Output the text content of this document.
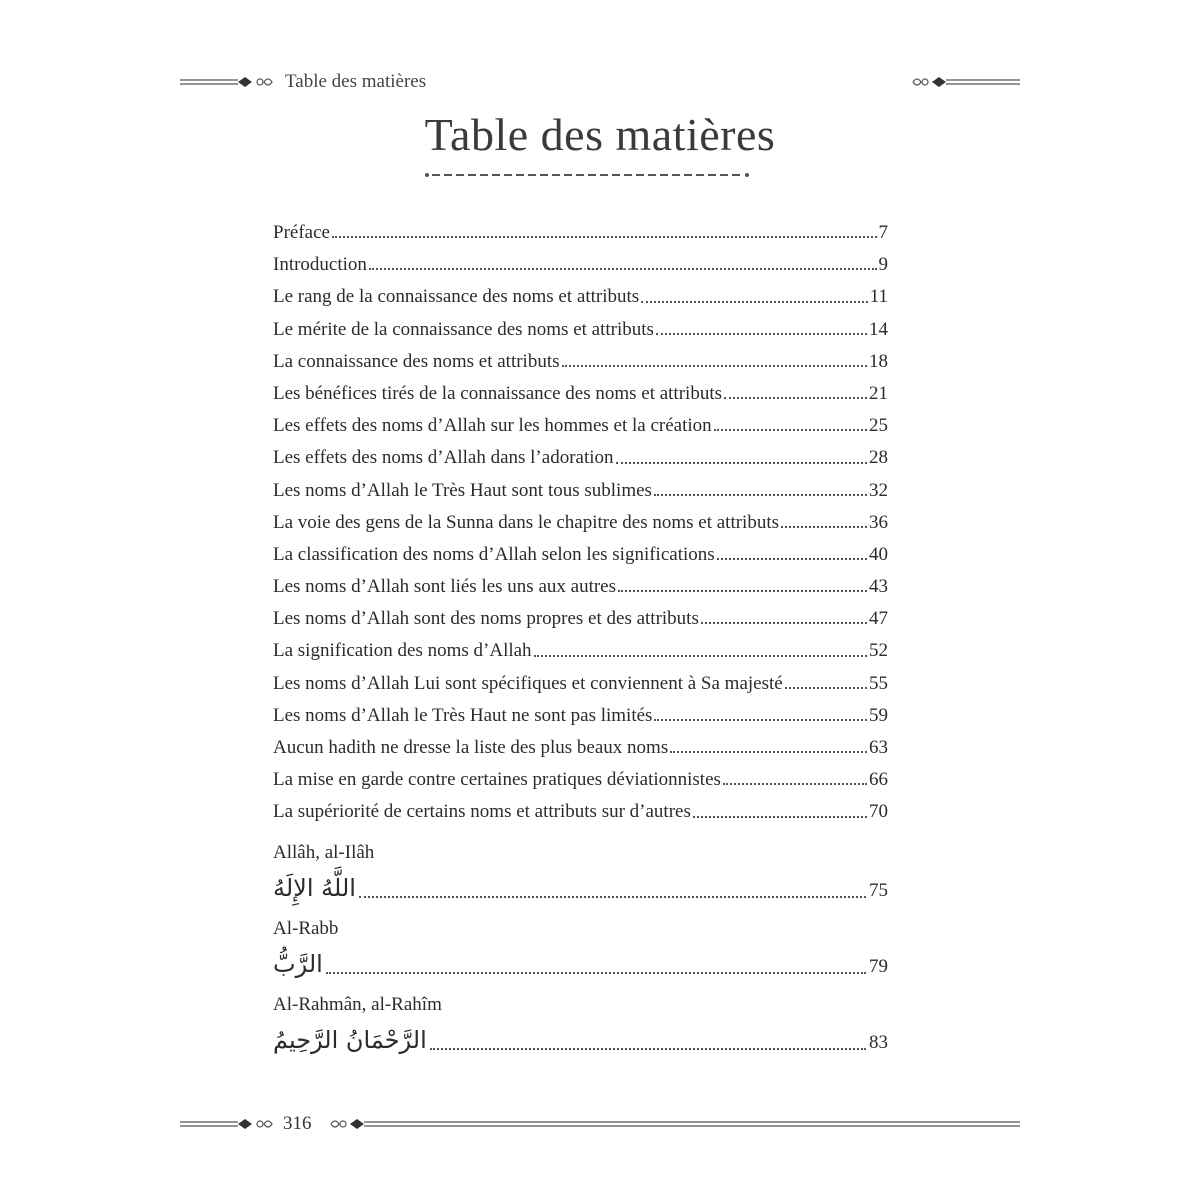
Table des matières
Table des matières
Préface	7
Introduction	9
Le rang de la connaissance des noms et attributs	11
Le mérite de la connaissance des noms et attributs	14
La connaissance des noms et attributs	18
Les bénéfices tirés de la connaissance des noms et attributs	21
Les effets des noms d’Allah sur les hommes et la création	25
Les effets des noms d’Allah dans l’adoration	28
Les noms d’Allah le Très Haut sont tous sublimes	32
La voie des gens de la Sunna dans le chapitre des noms et attributs	36
La classification des noms d’Allah selon les significations	40
Les noms d’Allah sont liés les uns aux autres	43
Les noms d’Allah sont des noms propres et des attributs	47
La signification des noms d’Allah	52
Les noms d’Allah Lui sont spécifiques et conviennent à Sa majesté	55
Les noms d’Allah le Très Haut ne sont pas limités	59
Aucun hadith ne dresse la liste des plus beaux noms	63
La mise en garde contre certaines pratiques déviationnistes	66
La supériorité de certains noms et attributs sur d’autres	70
Allâh, al-Ilâh
اللَّهُ الإِلَهُ	75
Al-Rabb
الرَّبُّ	79
Al-Rahmân, al-Rahîm
الرَّحْمَانُ الرَّحِيمُ	83
316
